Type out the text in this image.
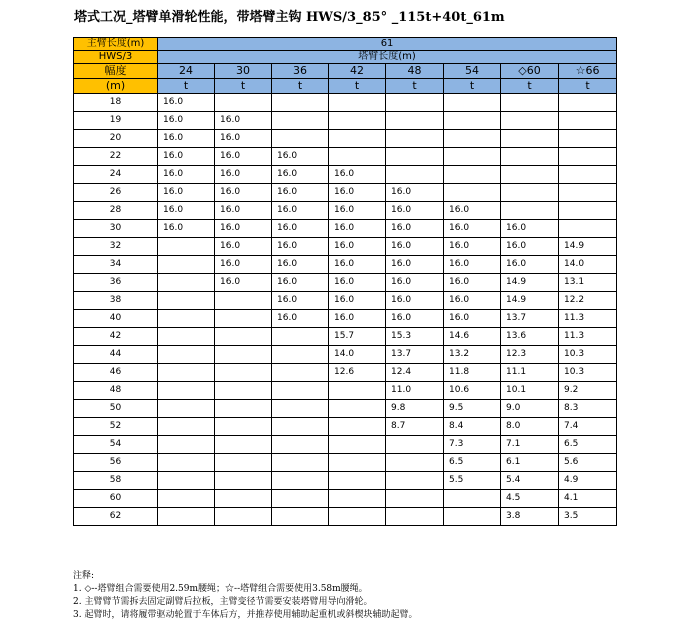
塔式工况_塔臂单滑轮性能，带塔臂主钩 HWS/3_85° _115t+40t_61m
主臂长度(m)	61							
HWS/3	塔臂长度(m)							
幅度	24	30	36	42	48	54	◇60	☆66
(m)	t	t	t	t	t	t	t	t
18	16.0							
19	16.0	16.0						
20	16.0	16.0						
22	16.0	16.0	16.0					
24	16.0	16.0	16.0	16.0				
26	16.0	16.0	16.0	16.0	16.0			
28	16.0	16.0	16.0	16.0	16.0	16.0		
30	16.0	16.0	16.0	16.0	16.0	16.0	16.0	
32		16.0	16.0	16.0	16.0	16.0	16.0	14.9
34		16.0	16.0	16.0	16.0	16.0	16.0	14.0
36		16.0	16.0	16.0	16.0	16.0	14.9	13.1
38			16.0	16.0	16.0	16.0	14.9	12.2
40			16.0	16.0	16.0	16.0	13.7	11.3
42				15.7	15.3	14.6	13.6	11.3
44				14.0	13.7	13.2	12.3	10.3
46				12.6	12.4	11.8	11.1	10.3
48					11.0	10.6	10.1	9.2
50					9.8	9.5	9.0	8.3
52					8.7	8.4	8.0	7.4
54						7.3	7.1	6.5
56						6.5	6.1	5.6
58						5.5	5.4	4.9
60							4.5	4.1
62							3.8	3.5
注释:
1. ◇--塔臂组合需要使用2.59m腰绳；☆--塔臂组合需要使用3.58m腰绳。
2. 主臂臂节需拆去固定副臂后拉板，主臂变径节需要安装塔臂用导向滑轮。
3. 起臂时，请将履带驱动轮置于车体后方，并推荐使用辅助起重机或斜楔块辅助起臂。
